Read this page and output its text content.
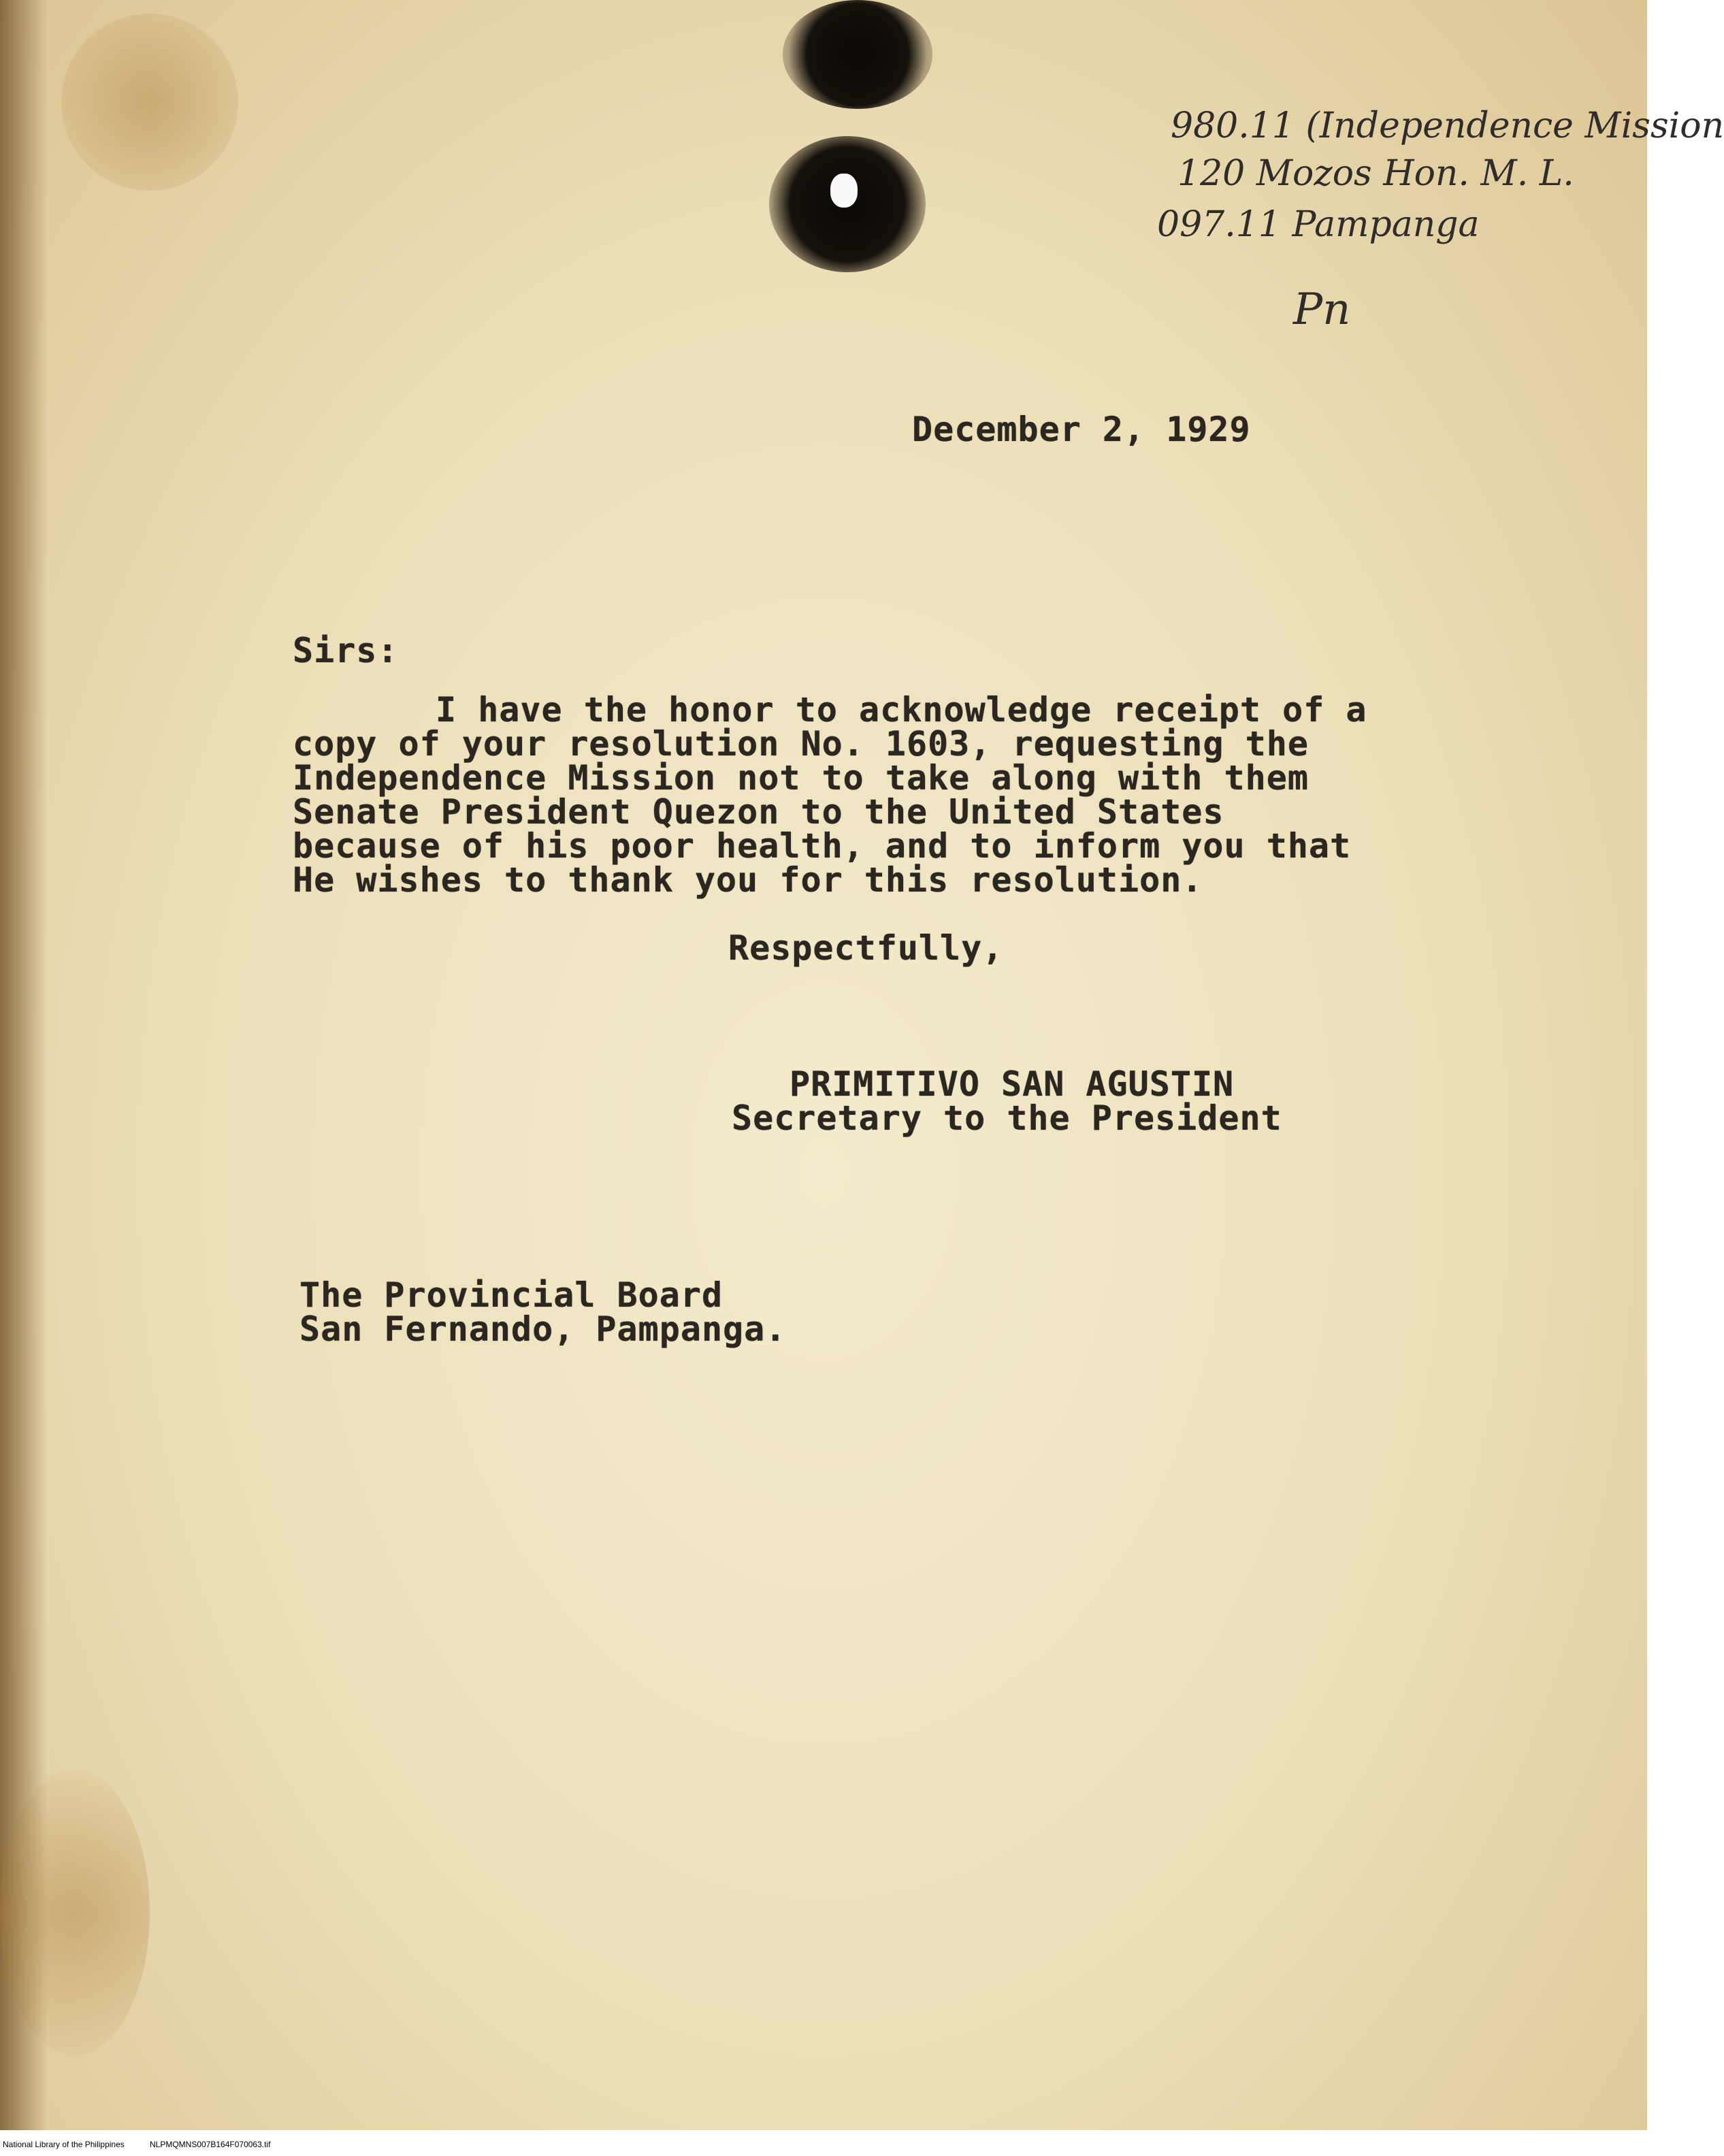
980.11 (Independence Mission
120 Mozos Hon. M. L.
097.11 Pampanga
Pn
December 2, 1929
Sirs:
I have the honor to acknowledge receipt of a
copy of your resolution No. 1603, requesting the
Independence Mission not to take along with them
Senate President Quezon to the United States
because of his poor health, and to inform you that
He wishes to thank you for this resolution.
Respectfully,
PRIMITIVO SAN AGUSTIN
Secretary to the President
The Provincial Board
San Fernando, Pampanga.
National Library of the Philippines	NLPMQMNS007B164F070063.tif
